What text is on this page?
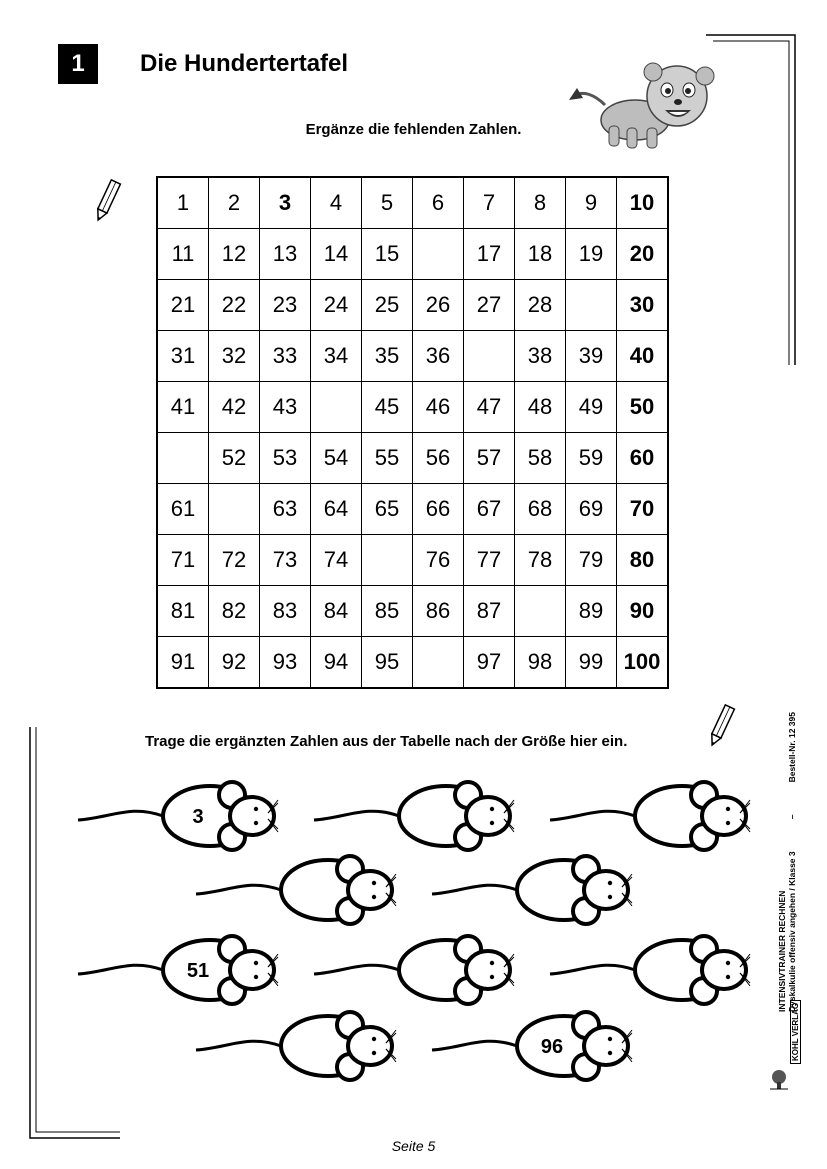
1	Die Hundertertafel
Ergänze die fehlenden Zahlen.
1	2	3	4	5	6	7	8	9	10
11	12	13	14	15		17	18	19	20
21	22	23	24	25	26	27	28		30
31	32	33	34	35	36		38	39	40
41	42	43		45	46	47	48	49	50
	52	53	54	55	56	57	58	59	60
61		63	64	65	66	67	68	69	70
71	72	73	74		76	77	78	79	80
81	82	83	84	85	86	87		89	90
91	92	93	94	95		97	98	99	100
Trage die ergänzten Zahlen aus der Tabelle nach der Größe hier ein.
3
51
96
INTENSIVTRAINER RECHNEN Dyskalkulie offensiv angehen / Klasse 3
–
Bestell-Nr. 12 395
KOHL VERLAG
Seite 5
